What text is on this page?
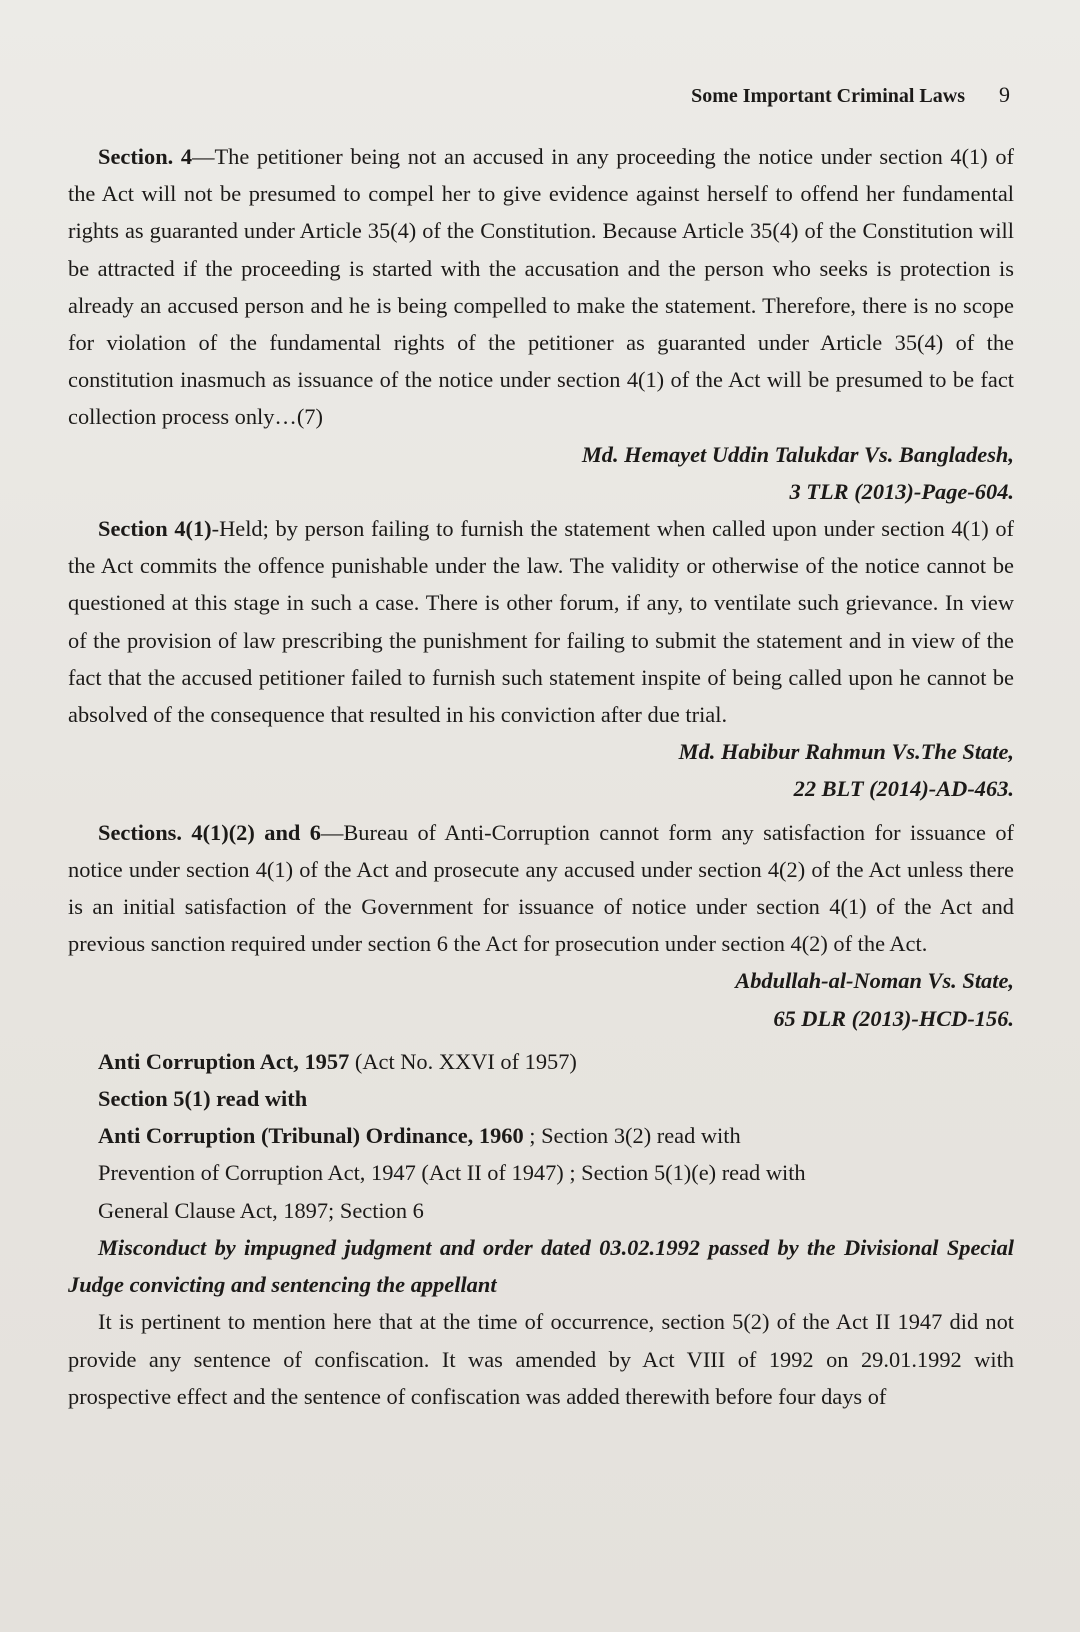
Some Important Criminal Laws 9

Section. 4—The petitioner being not an accused in any proceeding the notice under section 4(1) of the Act will not be presumed to compel her to give evidence against herself to offend her fundamental rights as guaranted under Article 35(4) of the Constitution. Because Article 35(4) of the Constitution will be attracted if the proceeding is started with the accusation and the person who seeks is protection is already an accused person and he is being compelled to make the statement. Therefore, there is no scope for violation of the fundamental rights of the petitioner as guaranted under Article 35(4) of the constitution inasmuch as issuance of the notice under section 4(1) of the Act will be presumed to be fact collection process only…(7)

Md. Hemayet Uddin Talukdar Vs. Bangladesh,

3 TLR (2013)-Page-604.

Section 4(1)-Held; by person failing to furnish the statement when called upon under section 4(1) of the Act commits the offence punishable under the law. The validity or otherwise of the notice cannot be questioned at this stage in such a case. There is other forum, if any, to ventilate such grievance. In view of the provision of law prescribing the punishment for failing to submit the statement and in view of the fact that the accused petitioner failed to furnish such statement inspite of being called upon he cannot be absolved of the consequence that resulted in his conviction after due trial.

Md. Habibur Rahmun Vs.The State,

22 BLT (2014)-AD-463.

Sections. 4(1)(2) and 6—Bureau of Anti-Corruption cannot form any satisfaction for issuance of notice under section 4(1) of the Act and prosecute any accused under section 4(2) of the Act unless there is an initial satisfaction of the Government for issuance of notice under section 4(1) of the Act and previous sanction required under section 6 the Act for prosecution under section 4(2) of the Act.

Abdullah-al-Noman Vs. State,

65 DLR (2013)-HCD-156.

Anti Corruption Act, 1957 (Act No. XXVI of 1957)

Section 5(1) read with

Anti Corruption (Tribunal) Ordinance, 1960 ; Section 3(2) read with

Prevention of Corruption Act, 1947 (Act II of 1947) ; Section 5(1)(e) read with

General Clause Act, 1897; Section 6

Misconduct by impugned judgment and order dated 03.02.1992 passed by the Divisional Special Judge convicting and sentencing the appellant

It is pertinent to mention here that at the time of occurrence, section 5(2) of the Act II 1947 did not provide any sentence of confiscation. It was amended by Act VIII of 1992 on 29.01.1992 with prospective effect and the sentence of confiscation was added therewith before four days of
